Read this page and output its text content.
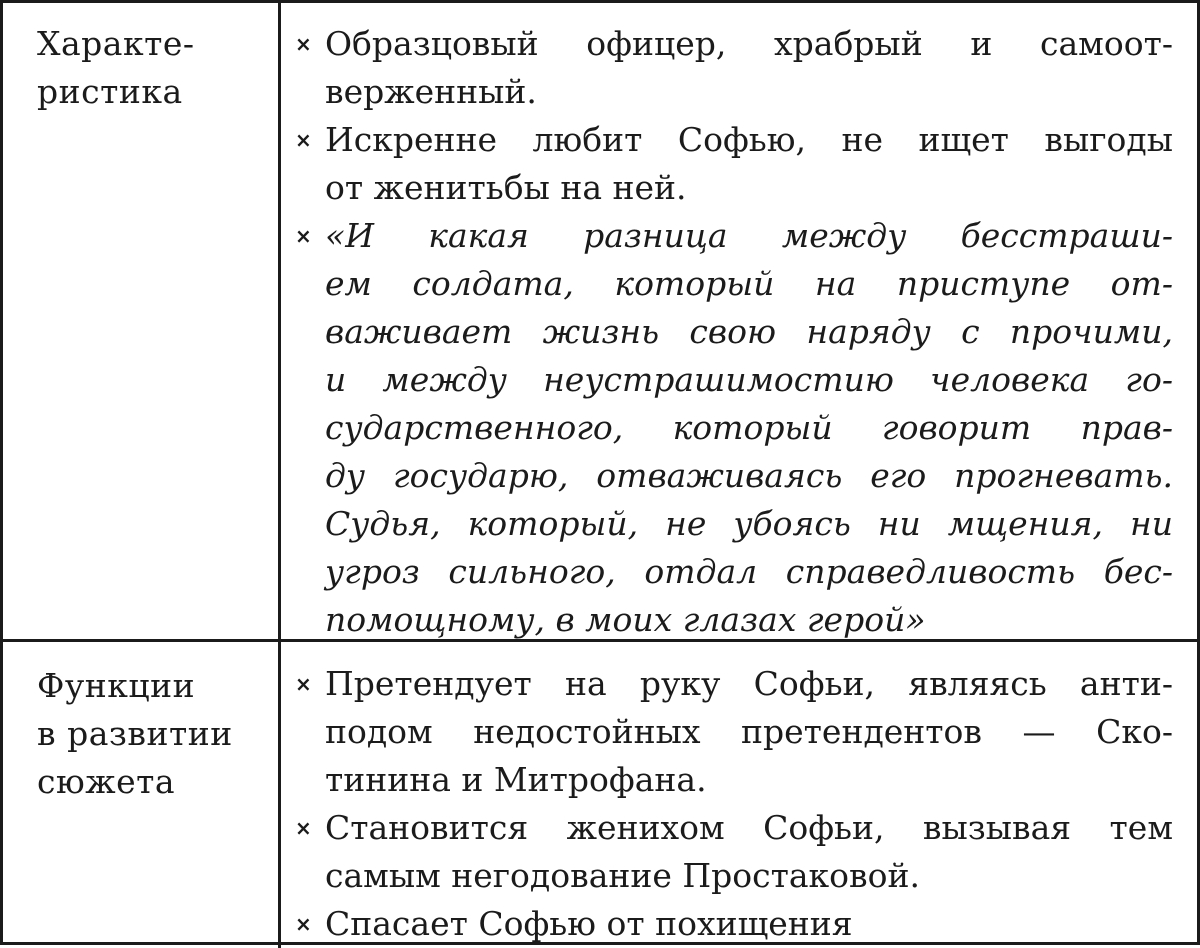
Характе-
ристика
× Образцовый офицер, храбрый и самоот-
верженный.
× Искренне любит Софью, не ищет выгоды
от женитьбы на ней.
× «И какая разница между бесстраши-
ем солдата, который на приступе от-
важивает жизнь свою наряду с прочими,
и между неустрашимостию человека го-
сударственного, который говорит прав-
ду государю, отваживаясь его прогневать.
Судья, который, не убоясь ни мщения, ни
угроз сильного, отдал справедливость бес-
помощному, в моих глазах герой»
Функции
в развитии
сюжета
× Претендует на руку Софьи, являясь анти-
подом недостойных претендентов — Ско-
тинина и Митрофана.
× Становится женихом Софьи, вызывая тем
самым негодование Простаковой.
× Спасает Софью от похищения
